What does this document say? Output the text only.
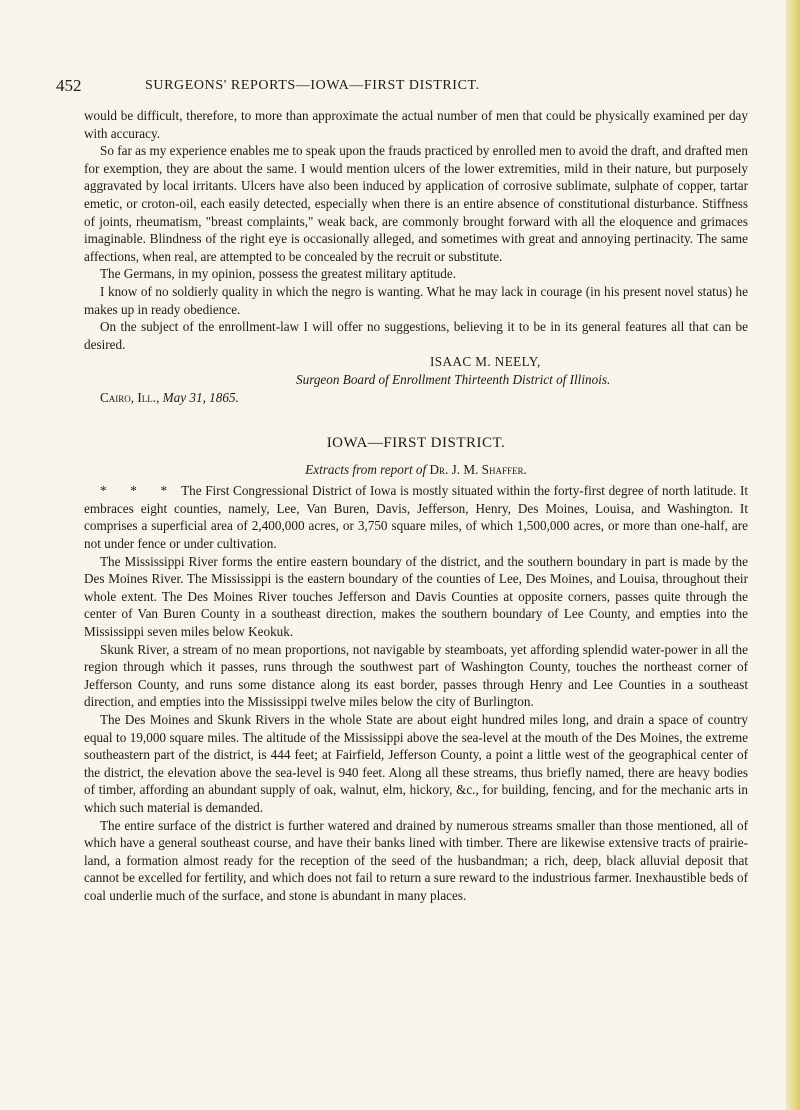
452	SURGEONS' REPORTS—IOWA—FIRST DISTRICT.

would be difficult, therefore, to more than approximate the actual number of men that could be physically examined per day with accuracy.

So far as my experience enables me to speak upon the frauds practiced by enrolled men to avoid the draft, and drafted men for exemption, they are about the same. I would mention ulcers of the lower extremities, mild in their nature, but purposely aggravated by local irritants. Ulcers have also been induced by application of corrosive sublimate, sulphate of copper, tartar emetic, or croton-oil, each easily detected, especially when there is an entire absence of constitutional disturbance. Stiffness of joints, rheumatism, "breast complaints," weak back, are commonly brought forward with all the eloquence and grimaces imaginable. Blindness of the right eye is occasionally alleged, and sometimes with great and annoying pertinacity. The same affections, when real, are attempted to be concealed by the recruit or substitute.

The Germans, in my opinion, possess the greatest military aptitude.

I know of no soldierly quality in which the negro is wanting. What he may lack in courage (in his present novel status) he makes up in ready obedience.

On the subject of the enrollment-law I will offer no suggestions, believing it to be in its general features all that can be desired.

ISAAC M. NEELY,

Surgeon Board of Enrollment Thirteenth District of Illinois.

Cairo, Ill., May 31, 1865.

IOWA—FIRST DISTRICT.
Extracts from report of Dr. J. M. Shaffer.

* * * The First Congressional District of Iowa is mostly situated within the forty-first degree of north latitude. It embraces eight counties, namely, Lee, Van Buren, Davis, Jefferson, Henry, Des Moines, Louisa, and Washington. It comprises a superficial area of 2,400,000 acres, or 3,750 square miles, of which 1,500,000 acres, or more than one-half, are not under fence or under cultivation.

The Mississippi River forms the entire eastern boundary of the district, and the southern boundary in part is made by the Des Moines River. The Mississippi is the eastern boundary of the counties of Lee, Des Moines, and Louisa, throughout their whole extent. The Des Moines River touches Jefferson and Davis Counties at opposite corners, passes quite through the center of Van Buren County in a southeast direction, makes the southern boundary of Lee County, and empties into the Mississippi seven miles below Keokuk.

Skunk River, a stream of no mean proportions, not navigable by steamboats, yet affording splendid water-power in all the region through which it passes, runs through the southwest part of Washington County, touches the northeast corner of Jefferson County, and runs some distance along its east border, passes through Henry and Lee Counties in a southeast direction, and empties into the Mississippi twelve miles below the city of Burlington.

The Des Moines and Skunk Rivers in the whole State are about eight hundred miles long, and drain a space of country equal to 19,000 square miles. The altitude of the Mississippi above the sea-level at the mouth of the Des Moines, the extreme southeastern part of the district, is 444 feet; at Fairfield, Jefferson County, a point a little west of the geographical center of the district, the elevation above the sea-level is 940 feet. Along all these streams, thus briefly named, there are heavy bodies of timber, affording an abundant supply of oak, walnut, elm, hickory, &c., for building, fencing, and for the mechanic arts in which such material is demanded.

The entire surface of the district is further watered and drained by numerous streams smaller than those mentioned, all of which have a general southeast course, and have their banks lined with timber. There are likewise extensive tracts of prairie-land, a formation almost ready for the reception of the seed of the husbandman; a rich, deep, black alluvial deposit that cannot be excelled for fertility, and which does not fail to return a sure reward to the industrious farmer. Inexhaustible beds of coal underlie much of the surface, and stone is abundant in many places.
